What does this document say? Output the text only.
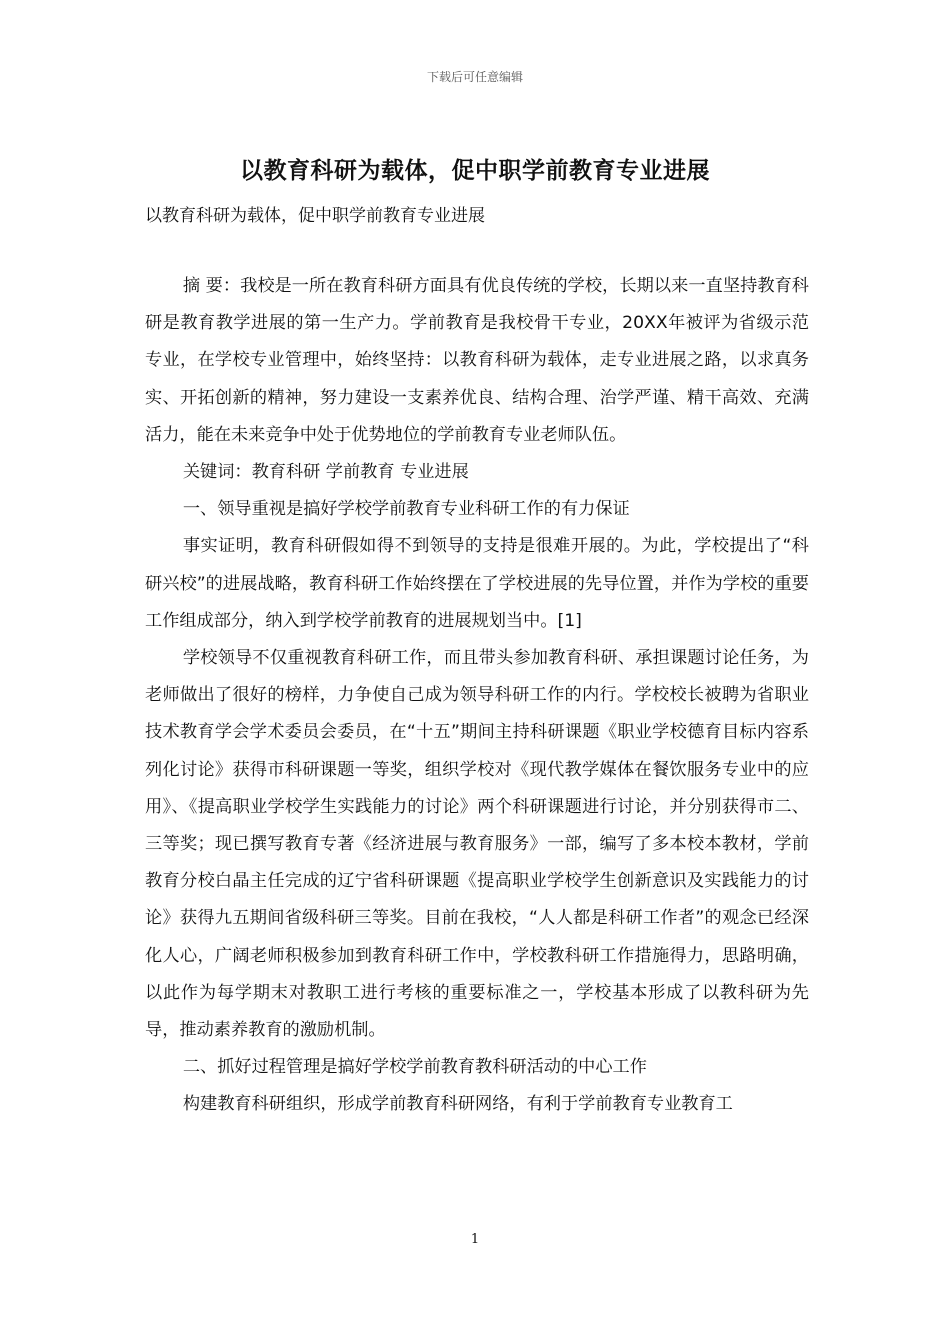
下载后可任意编辑
以教育科研为载体，促中职学前教育专业进展
以教育科研为载体，促中职学前教育专业进展

摘 要：我校是一所在教育科研方面具有优良传统的学校，长期以来一直坚持教育科研是教育教学进展的第一生产力。学前教育是我校骨干专业，20XX年被评为省级示范专业，在学校专业管理中，始终坚持：以教育科研为载体，走专业进展之路，以求真务实、开拓创新的精神，努力建设一支素养优良、结构合理、治学严谨、精干高效、充满活力，能在未来竞争中处于优势地位的学前教育专业老师队伍。

关键词：教育科研 学前教育 专业进展

一、领导重视是搞好学校学前教育专业科研工作的有力保证

事实证明，教育科研假如得不到领导的支持是很难开展的。为此，学校提出了“科研兴校”的进展战略，教育科研工作始终摆在了学校进展的先导位置，并作为学校的重要工作组成部分，纳入到学校学前教育的进展规划当中。[1]

学校领导不仅重视教育科研工作，而且带头参加教育科研、承担课题讨论任务，为老师做出了很好的榜样，力争使自己成为领导科研工作的内行。学校校长被聘为省职业技术教育学会学术委员会委员，在“十五”期间主持科研课题《职业学校德育目标内容系列化讨论》获得市科研课题一等奖，组织学校对《现代教学媒体在餐饮服务专业中的应用》、《提高职业学校学生实践能力的讨论》两个科研课题进行讨论，并分别获得市二、三等奖；现已撰写教育专著《经济进展与教育服务》一部，编写了多本校本教材，学前教育分校白晶主任完成的辽宁省科研课题《提高职业学校学生创新意识及实践能力的讨论》获得九五期间省级科研三等奖。目前在我校，“人人都是科研工作者”的观念已经深化人心，广阔老师积极参加到教育科研工作中，学校教科研工作措施得力，思路明确，以此作为每学期末对教职工进行考核的重要标准之一，学校基本形成了以教科研为先导，推动素养教育的激励机制。

二、抓好过程管理是搞好学校学前教育教科研活动的中心工作

构建教育科研组织，形成学前教育科研网络，有利于学前教育专业教育工

1
